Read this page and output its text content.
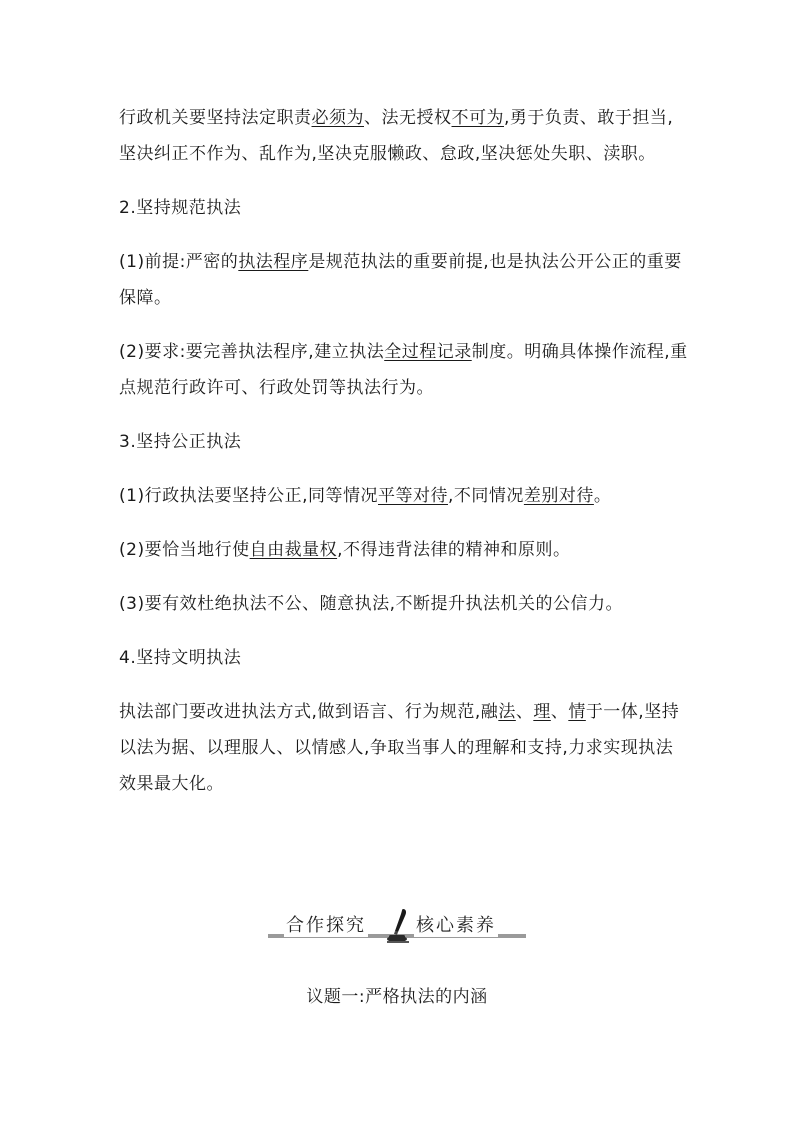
行政机关要坚持法定职责必须为、法无授权不可为,勇于负责、敢于担当,坚决纠正不作为、乱作为,坚决克服懒政、怠政,坚决惩处失职、渎职。
2.坚持规范执法
(1)前提:严密的执法程序是规范执法的重要前提,也是执法公开公正的重要保障。
(2)要求:要完善执法程序,建立执法全过程记录制度。明确具体操作流程,重点规范行政许可、行政处罚等执法行为。
3.坚持公正执法
(1)行政执法要坚持公正,同等情况平等对待,不同情况差别对待。
(2)要恰当地行使自由裁量权,不得违背法律的精神和原则。
(3)要有效杜绝执法不公、随意执法,不断提升执法机关的公信力。
4.坚持文明执法
执法部门要改进执法方式,做到语言、行为规范,融法、理、情于一体,坚持以法为据、以理服人、以情感人,争取当事人的理解和支持,力求实现执法效果最大化。
合作探究	核心素养
议题一:严格执法的内涵
